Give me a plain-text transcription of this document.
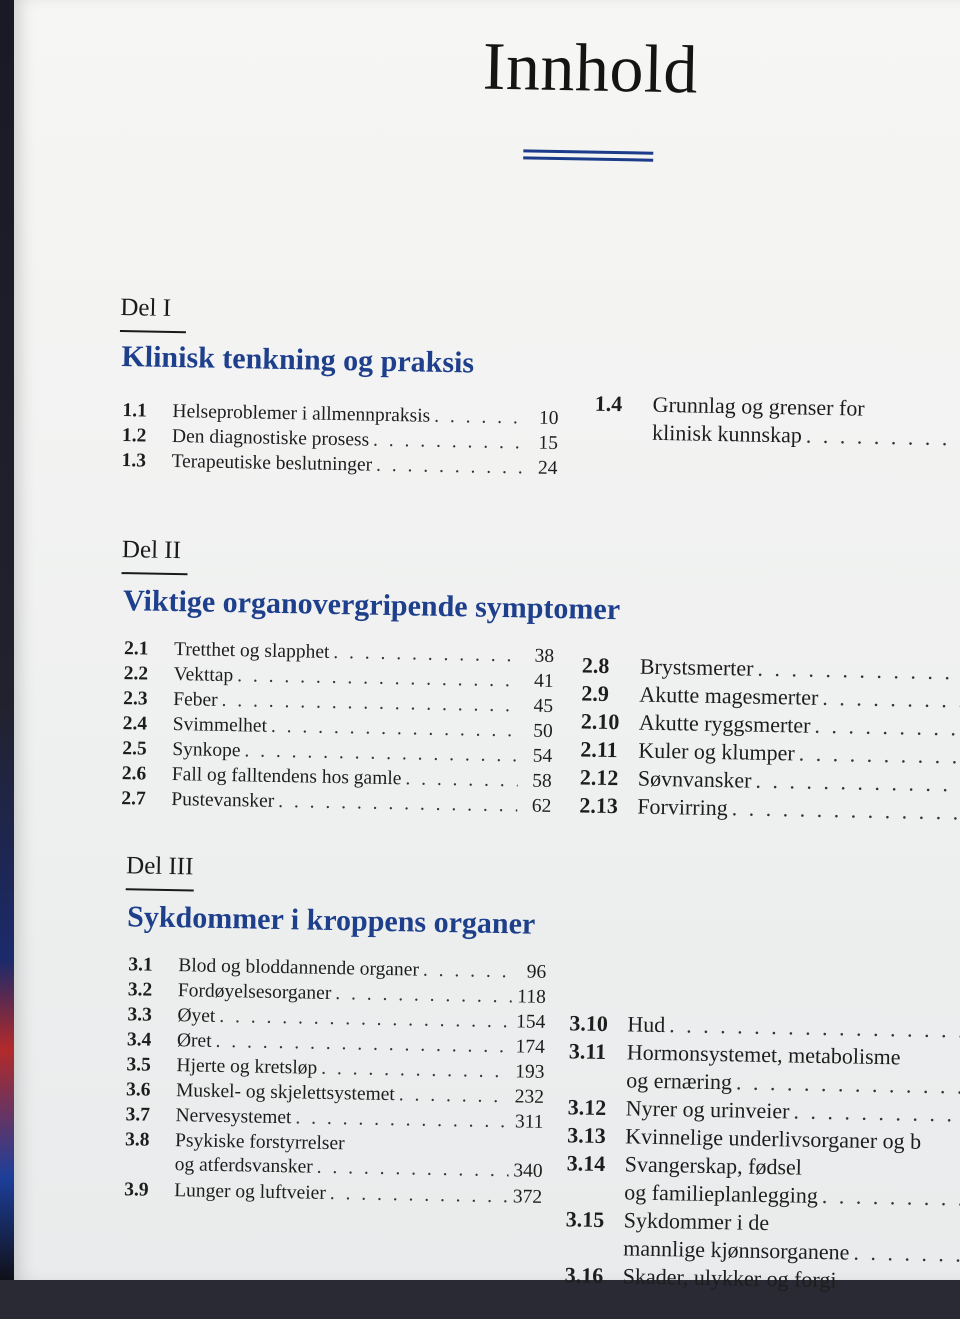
Innhold
Del I
Klinisk tenkning og praksis
1.1	Helseproblemer i allmennpraksis . . .	10
1.2	Den diagnostiske prosess . . .	15
1.3	Terapeutiske beslutninger . . .	24
1.4	Grunnlag og grenser for
klinisk kunnskap
. . .
Del II
Viktige organovergripende symptomer
2.1	Tretthet og slapphet . . .	38
2.2	Vekttap . . .	41
2.3	Feber . . .	45
2.4	Svimmelhet . . .	50
2.5	Synkope . . .	54
2.6	Fall og falltendens hos gamle . . .	58
2.7	Pustevansker . . .	62
2.8	Brystsmerter
. . .
2.9	Akutte magesmerter
. . .
2.10 Akutte ryggsmerter
. . .
2.11 Kuler og klumper
. . .
2.12 Søvnvansker
. . .
2.13 Forvirring
. . .
Del III
Sykdommer i kroppens organer
3.1	Blod og bloddannende organer . . .	96
3.2	Fordøyelsesorganer . . .	118
3.3	Øyet . . .	154
3.4	Øret . . .	174
3.5	Hjerte og kretsløp . . .	193
3.6	Muskel- og skjelettsystemet . . .	232
3.7	Nervesystemet . . .	311
3.8	Psykiske forstyrrelser
og atferdsvansker . . .	340
3.9	Lunger og luftveier . . .	372
3.10 Hud
. . .
3.11 Hormonsystemet, metabolisme
og ernæring
. . .
3.12 Nyrer og urinveier
. . .
3.13 Kvinnelige underlivsorganer og b
3.14 Svangerskap, fødsel
og familieplanlegging
. . .
3.15 Sykdommer i de
mannlige kjønnsorganene
. . .
3.16 Skader, ulykker og forgi
